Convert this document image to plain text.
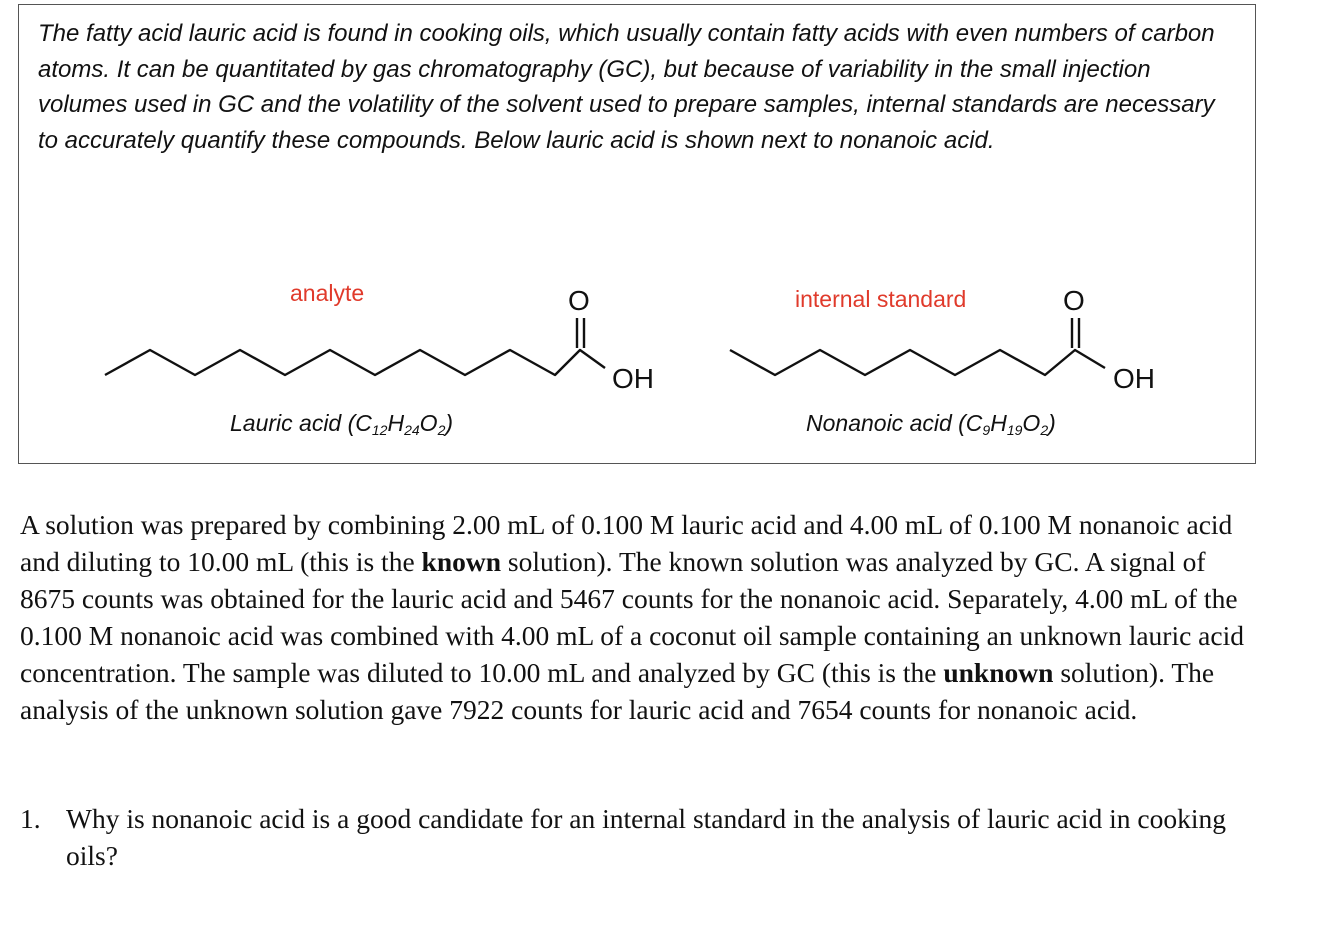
The fatty acid lauric acid is found in cooking oils, which usually contain fatty acids with even numbers of carbon atoms. It can be quantitated by gas chromatography (GC), but because of variability in the small injection volumes used in GC and the volatility of the solvent used to prepare samples, internal standards are necessary to accurately quantify these compounds. Below lauric acid is shown next to nonanoic acid.

analyte	internal standard
O
OH
O
OH
Lauric acid $(C_{12}H_{24}O_2)$	Nonanoic acid $(C_9H_{19}O_2)$

A solution was prepared by combining 2.00 mL of 0.100 M lauric acid and 4.00 mL of 0.100 M nonanoic acid and diluting to 10.00 mL (this is the known solution). The known solution was analyzed by GC. A signal of 8675 counts was obtained for the lauric acid and 5467 counts for the nonanoic acid. Separately, 4.00 mL of the 0.100 M nonanoic acid was combined with 4.00 mL of a coconut oil sample containing an unknown lauric acid concentration. The sample was diluted to 10.00 mL and analyzed by GC (this is the unknown solution). The analysis of the unknown solution gave 7922 counts for lauric acid and 7654 counts for nonanoic acid.

1. Why is nonanoic acid is a good candidate for an internal standard in the analysis of lauric acid in cooking oils?
